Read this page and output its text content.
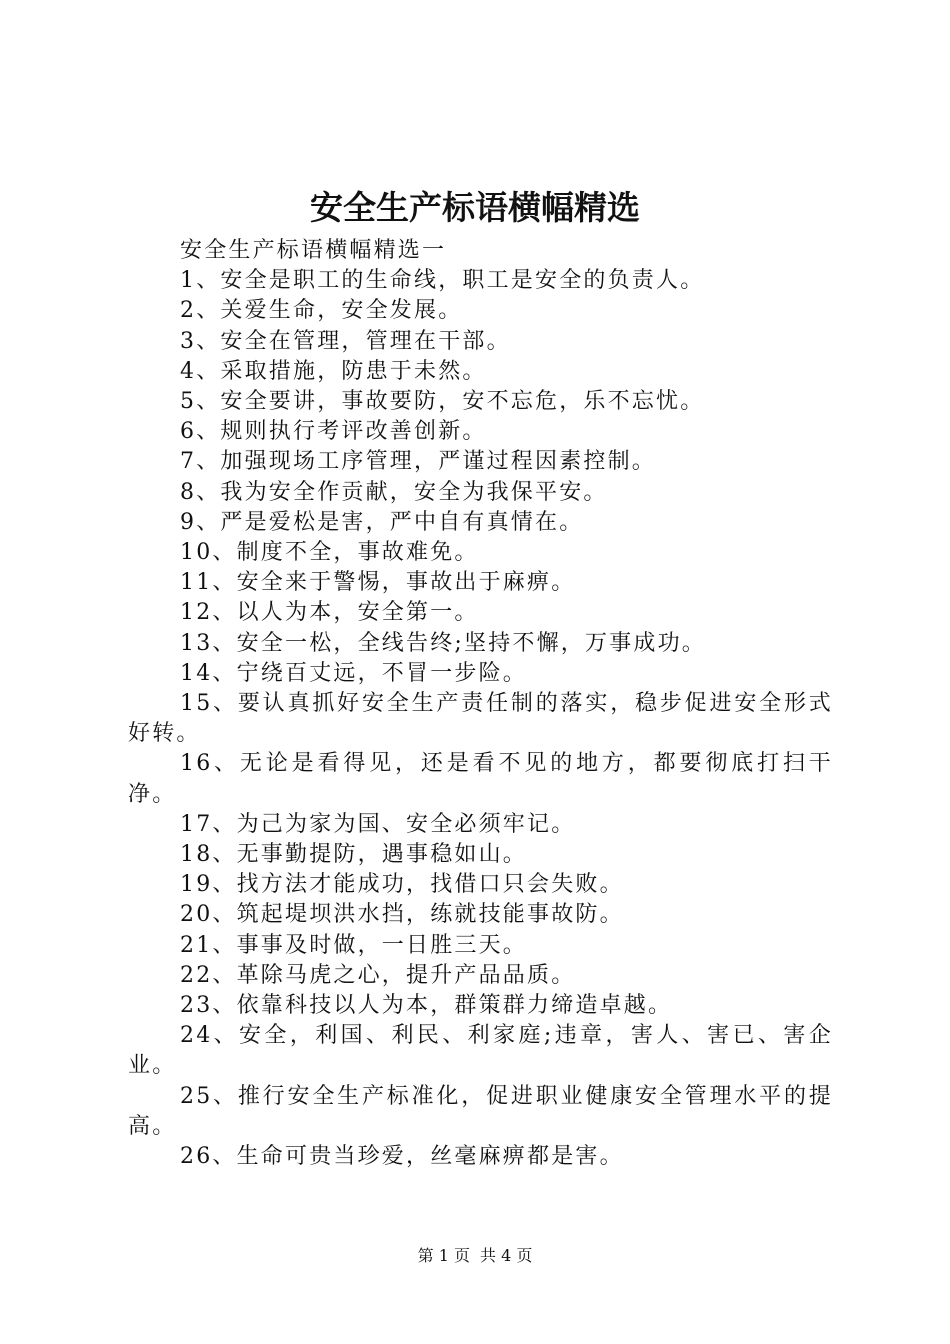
安全生产标语横幅精选

安全生产标语横幅精选一

1、安全是职工的生命线，职工是安全的负责人。

2、关爱生命，安全发展。

3、安全在管理，管理在干部。

4、采取措施，防患于未然。

5、安全要讲，事故要防，安不忘危，乐不忘忧。

6、规则执行考评改善创新。

7、加强现场工序管理，严谨过程因素控制。

8、我为安全作贡献，安全为我保平安。

9、严是爱松是害，严中自有真情在。

10、制度不全，事故难免。

11、安全来于警惕，事故出于麻痹。

12、以人为本，安全第一。

13、安全一松，全线告终;坚持不懈，万事成功。

14、宁绕百丈远，不冒一步险。

15、要认真抓好安全生产责任制的落实，稳步促进安全形式好转。

16、无论是看得见，还是看不见的地方，都要彻底打扫干净。

17、为己为家为国、安全必须牢记。

18、无事勤提防，遇事稳如山。

19、找方法才能成功，找借口只会失败。

20、筑起堤坝洪水挡，练就技能事故防。

21、事事及时做，一日胜三天。

22、革除马虎之心，提升产品品质。

23、依靠科技以人为本，群策群力缔造卓越。

24、安全，利国、利民、利家庭;违章，害人、害已、害企业。

25、推行安全生产标准化，促进职业健康安全管理水平的提高。

26、生命可贵当珍爱，丝毫麻痹都是害。

第 1 页 共 4 页
